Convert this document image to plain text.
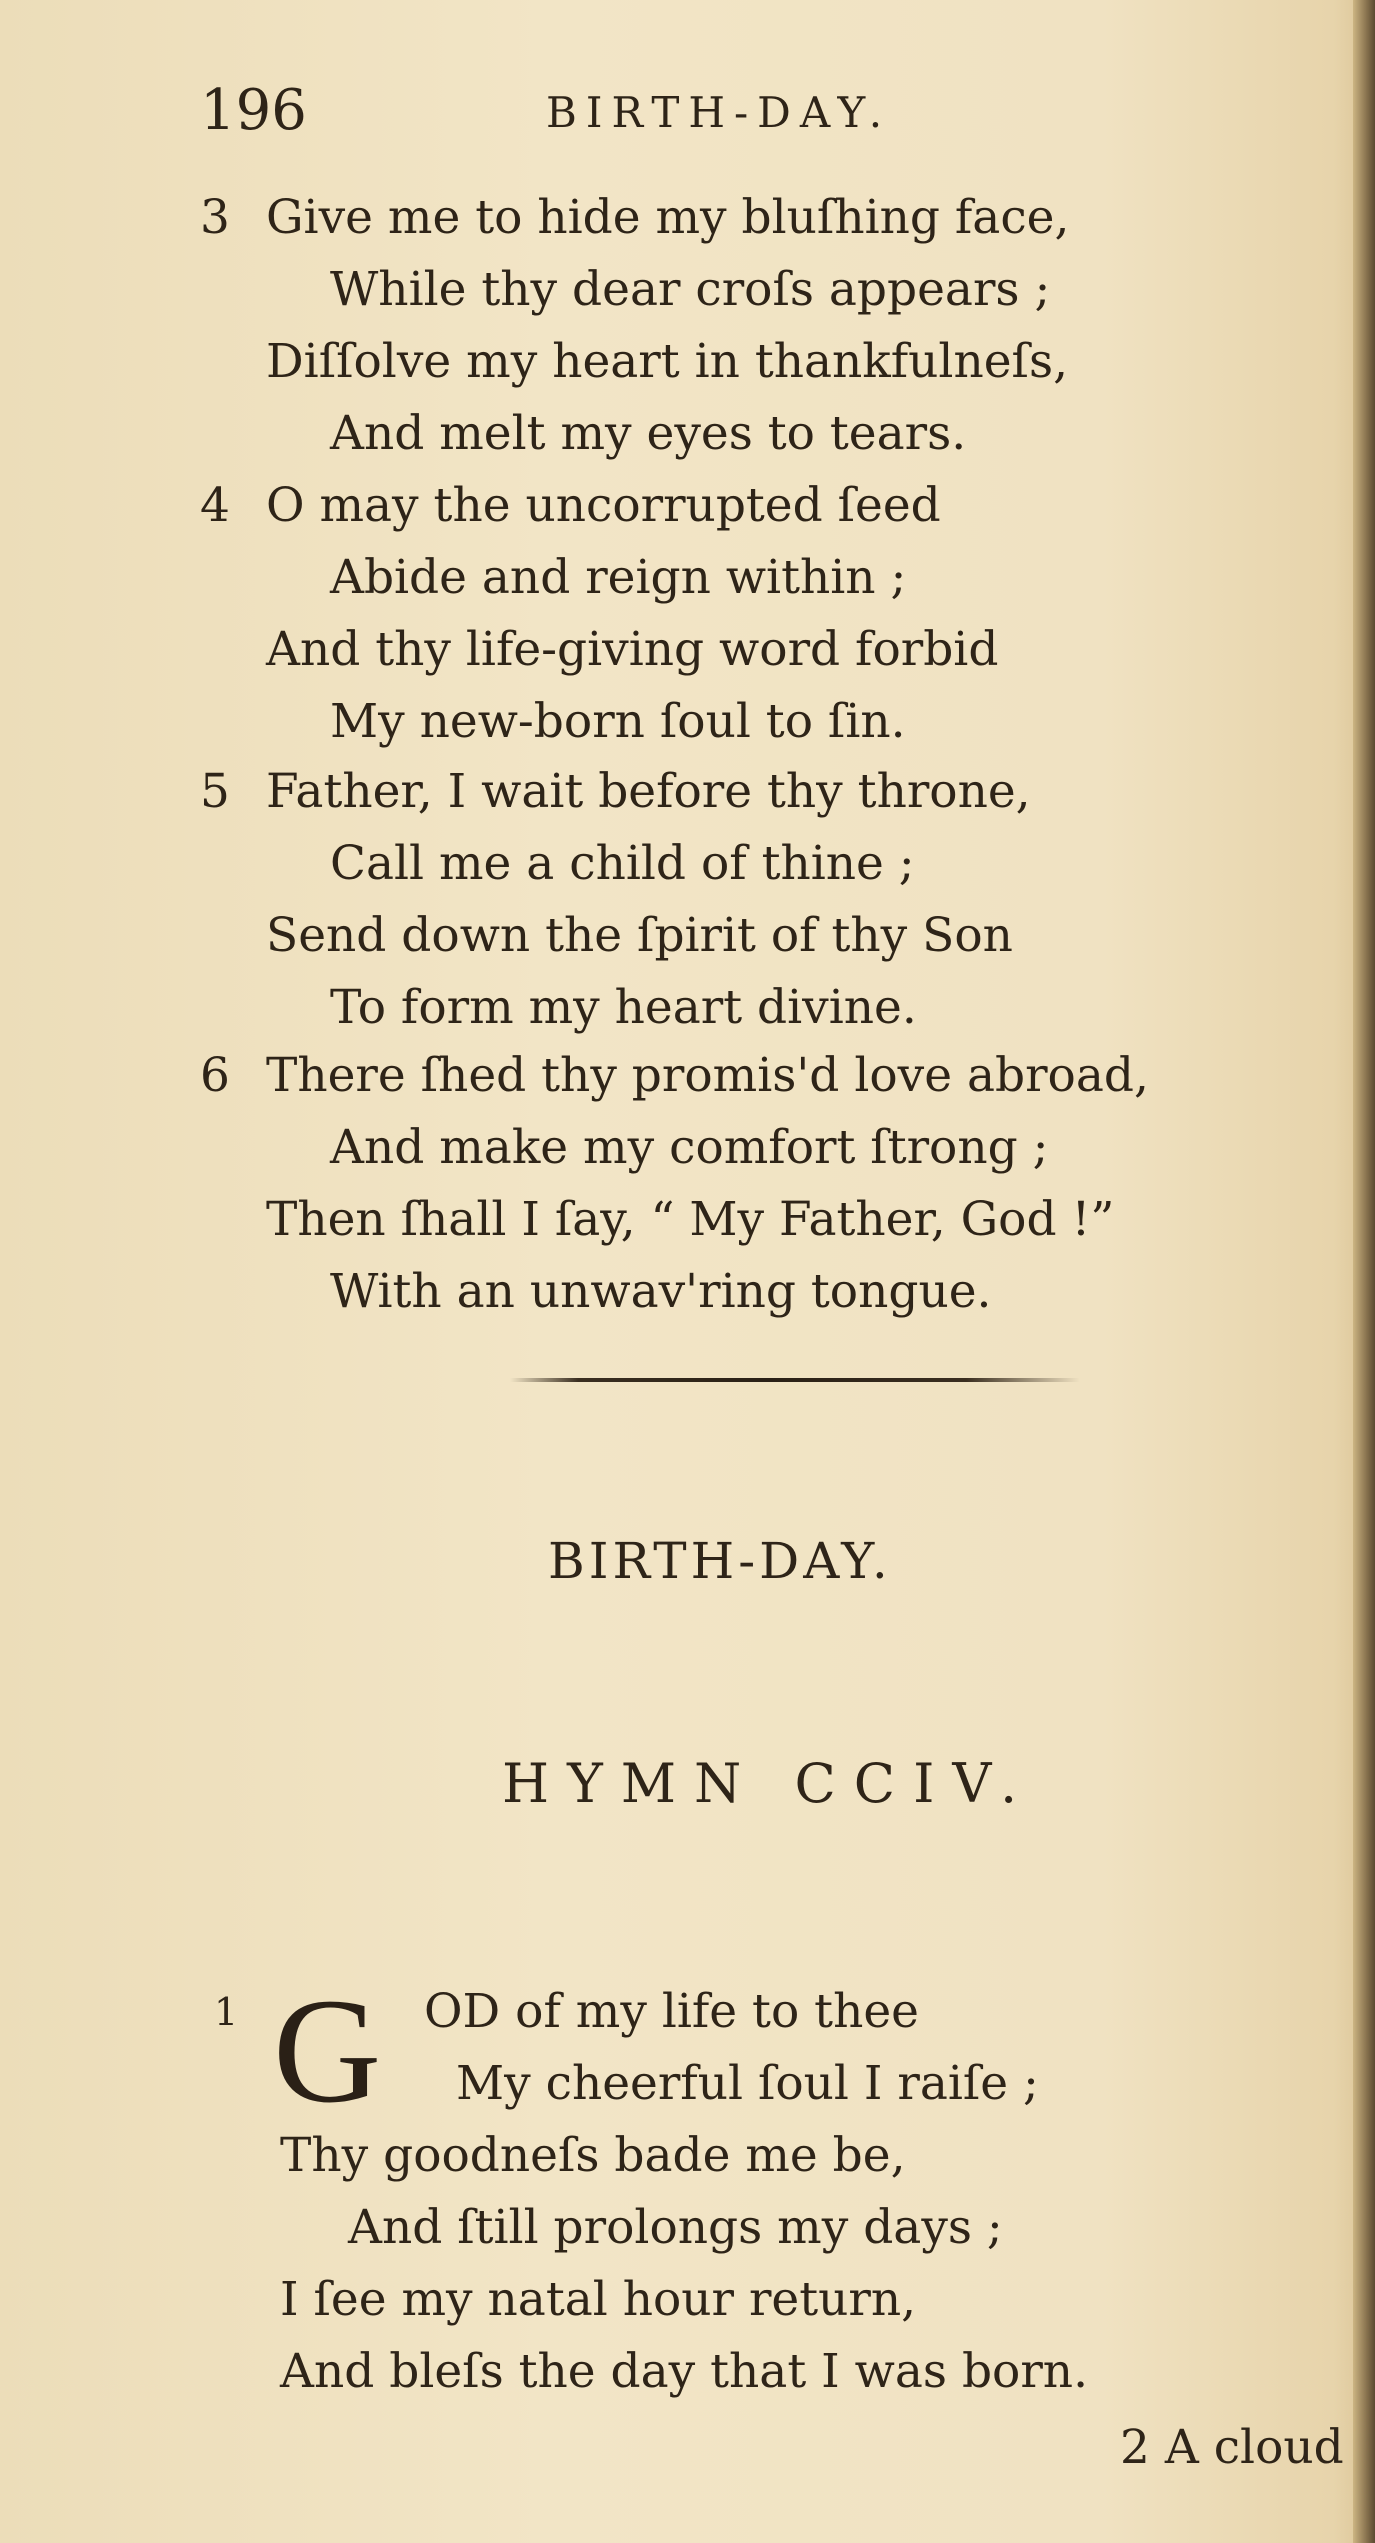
196	BIRTH-DAY.
3 Give me to hide my bluſhing face,
While thy dear croſs appears ;
Diſſolve my heart in thankfulneſs,
And melt my eyes to tears.
4 O may the uncorrupted ſeed
Abide and reign within ;
And thy life-giving word forbid
My new-born ſoul to ſin.
5 Father, I wait before thy throne,
Call me a child of thine ;
Send down the ſpirit of thy Son
To form my heart divine.
6 There ſhed thy promis'd love abroad,
And make my comfort ſtrong ;
Then ſhall I ſay, “ My Father, God !”
With an unwav'ring tongue.
BIRTH-DAY.
HYMN CCIV.
G
1	OD of my life to thee
My cheerful ſoul I raiſe ;
Thy goodneſs bade me be,
And ſtill prolongs my days ;
I ſee my natal hour return,
And bleſs the day that I was born.
2 A cloud
